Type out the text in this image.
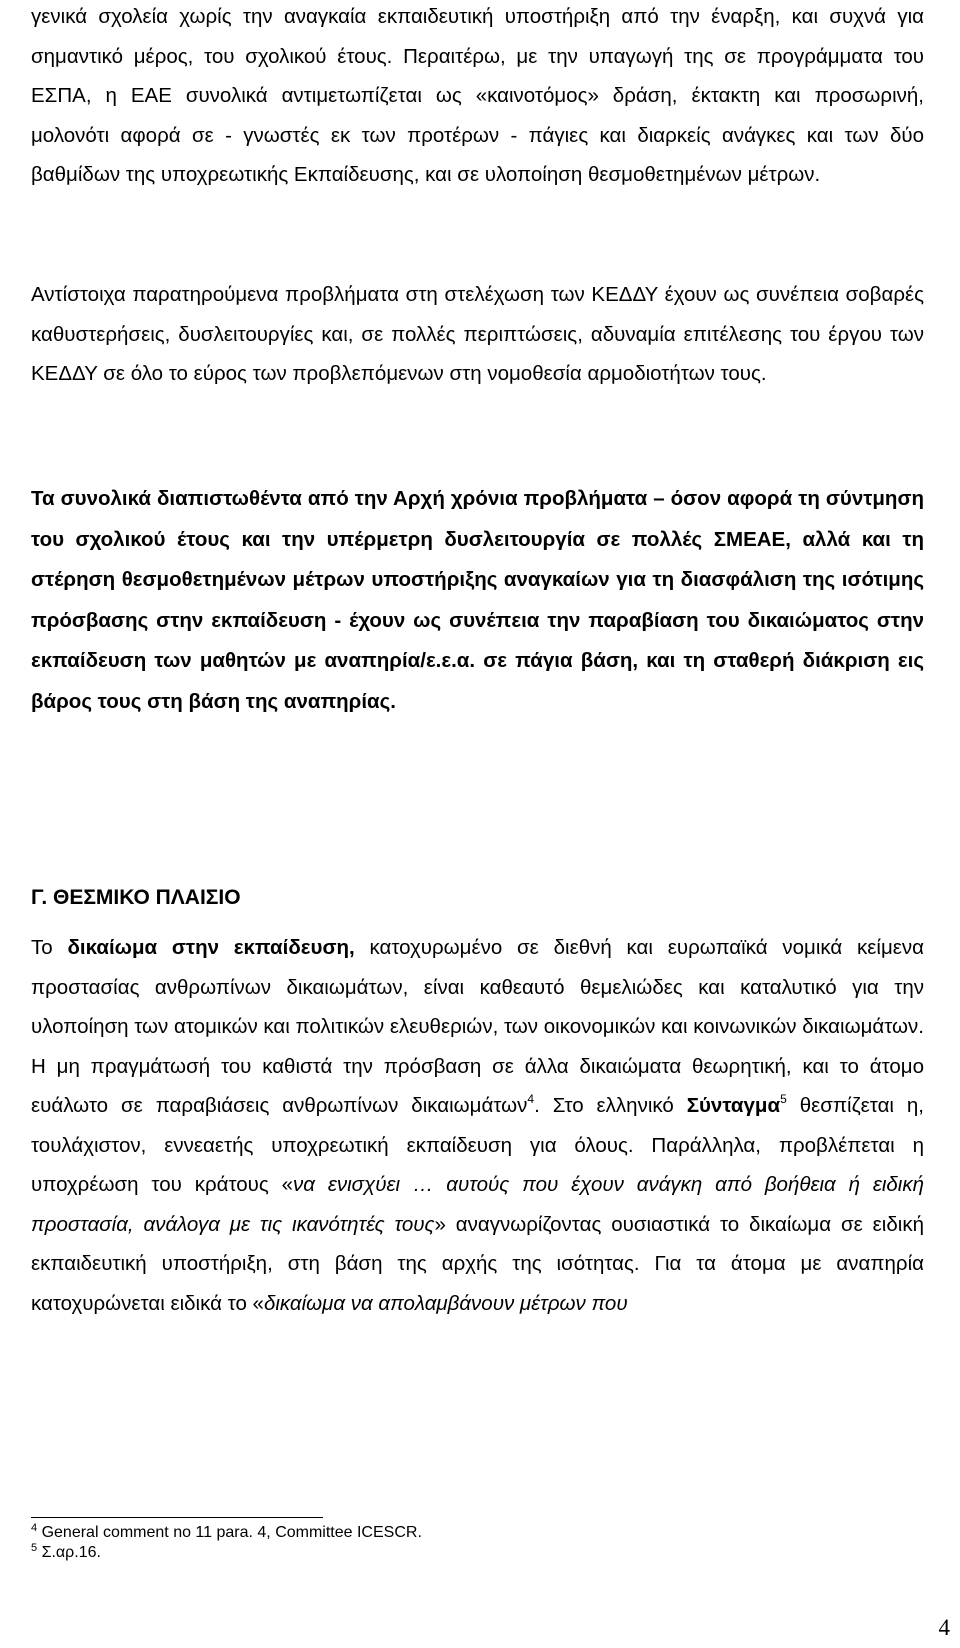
γενικά σχολεία χωρίς την αναγκαία εκπαιδευτική υποστήριξη από την έναρξη, και συχνά για σημαντικό μέρος, του σχολικού έτους. Περαιτέρω, με την υπαγωγή της σε προγράμματα του ΕΣΠΑ, η ΕΑΕ συνολικά αντιμετωπίζεται ως «καινοτόμος» δράση, έκτακτη και προσωρινή, μολονότι αφορά σε - γνωστές εκ των προτέρων - πάγιες και διαρκείς ανάγκες και των δύο βαθμίδων της υποχρεωτικής Εκπαίδευσης, και σε υλοποίηση θεσμοθετημένων μέτρων.

Αντίστοιχα παρατηρούμενα προβλήματα στη στελέχωση των ΚΕΔΔΥ έχουν ως συνέπεια σοβαρές καθυστερήσεις, δυσλειτουργίες και, σε πολλές περιπτώσεις, αδυναμία επιτέλεσης του έργου των ΚΕΔΔΥ σε όλο το εύρος των προβλεπόμενων στη νομοθεσία αρμοδιοτήτων τους.

Τα συνολικά διαπιστωθέντα από την Αρχή χρόνια προβλήματα – όσον αφορά τη σύντμηση του σχολικού έτους και την υπέρμετρη δυσλειτουργία σε πολλές ΣΜΕΑΕ, αλλά και τη στέρηση θεσμοθετημένων μέτρων υποστήριξης αναγκαίων για τη διασφάλιση της ισότιμης πρόσβασης στην εκπαίδευση - έχουν ως συνέπεια την παραβίαση του δικαιώματος στην εκπαίδευση των μαθητών με αναπηρία/ε.ε.α. σε πάγια βάση, και τη σταθερή διάκριση εις βάρος τους στη βάση της αναπηρίας.

Γ. ΘΕΣΜΙΚΟ ΠΛΑΙΣΙΟ

Το δικαίωμα στην εκπαίδευση, κατοχυρωμένο σε διεθνή και ευρωπαϊκά νομικά κείμενα προστασίας ανθρωπίνων δικαιωμάτων, είναι καθεαυτό θεμελιώδες και καταλυτικό για την υλοποίηση των ατομικών και πολιτικών ελευθεριών, των οικονομικών και κοινωνικών δικαιωμάτων. Η μη πραγμάτωσή του καθιστά την πρόσβαση σε άλλα δικαιώματα θεωρητική, και το άτομο ευάλωτο σε παραβιάσεις ανθρωπίνων δικαιωμάτων$^4$. Στο ελληνικό Σύνταγμα$^5$ θεσπίζεται η, τουλάχιστον, εννεαετής υποχρεωτική εκπαίδευση για όλους. Παράλληλα, προβλέπεται η υποχρέωση του κράτους «να ενισχύει … αυτούς που έχουν ανάγκη από βοήθεια ή ειδική προστασία, ανάλογα με τις ικανότητές τους» αναγνωρίζοντας ουσιαστικά το δικαίωμα σε ειδική εκπαιδευτική υποστήριξη, στη βάση της αρχής της ισότητας. Για τα άτομα με αναπηρία κατοχυρώνεται ειδικά το «δικαίωμα να απολαμβάνουν μέτρων που

$^4$ General comment no 11 para. 4, Committee ICESCR.

$^5$ Σ.αρ.16.

4
